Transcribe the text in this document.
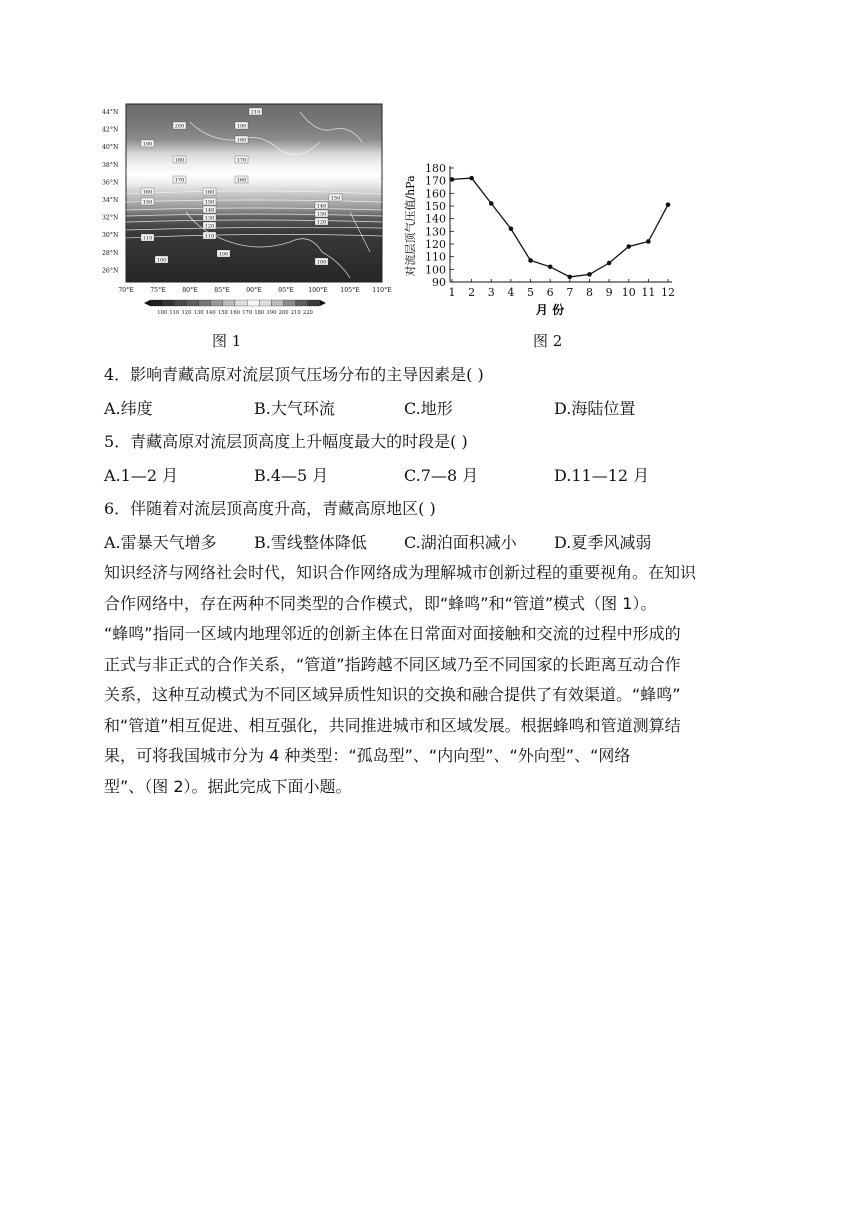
44°N
42°N
40°N
38°N
36°N
34°N
32°N
30°N
28°N
26°N
70°E	75°E	80°E	85°E	90°E	95°E 100°E 105°E 110°E
210
200	190
190
180
180	170
170	160
160	160
150
150	150
140
140
130
130
120
120
110	110
100
100
100
100 110 120 130 140 150 160 170 180 190 200 210 220
图 1
对流层顶气压值/hPa
90
100
110
120
130
140
150
160
170
180
1 2 3 4 5 6 7 8 9 10 11 12
月 份
图 2
4．影响青藏高原对流层顶气压场分布的主导因素是( )
A.纬度	B.大气环流	C.地形	D.海陆位置
5．青藏高原对流层顶高度上升幅度最大的时段是( )
A.1—2 月	B.4—5 月	C.7—8 月	D.11—12 月
6．伴随着对流层顶高度升高，青藏高原地区( )
A.雷暴天气增多 B.雪线整体降低 C.湖泊面积减小 D.夏季风减弱

知识经济与网络社会时代，知识合作网络成为理解城市创新过程的重要视角。在知识

合作网络中，存在两种不同类型的合作模式，即“蜂鸣”和“管道”模式（图 1）。

“蜂鸣”指同一区域内地理邻近的创新主体在日常面对面接触和交流的过程中形成的

正式与非正式的合作关系，“管道”指跨越不同区域乃至不同国家的长距离互动合作

关系，这种互动模式为不同区域异质性知识的交换和融合提供了有效渠道。“蜂鸣”

和“管道”相互促进、相互强化，共同推进城市和区域发展。根据蜂鸣和管道测算结

果，可将我国城市分为 4 种类型：“孤岛型”、“内向型”、“外向型”、“网络

型”、（图 2）。据此完成下面小题。
